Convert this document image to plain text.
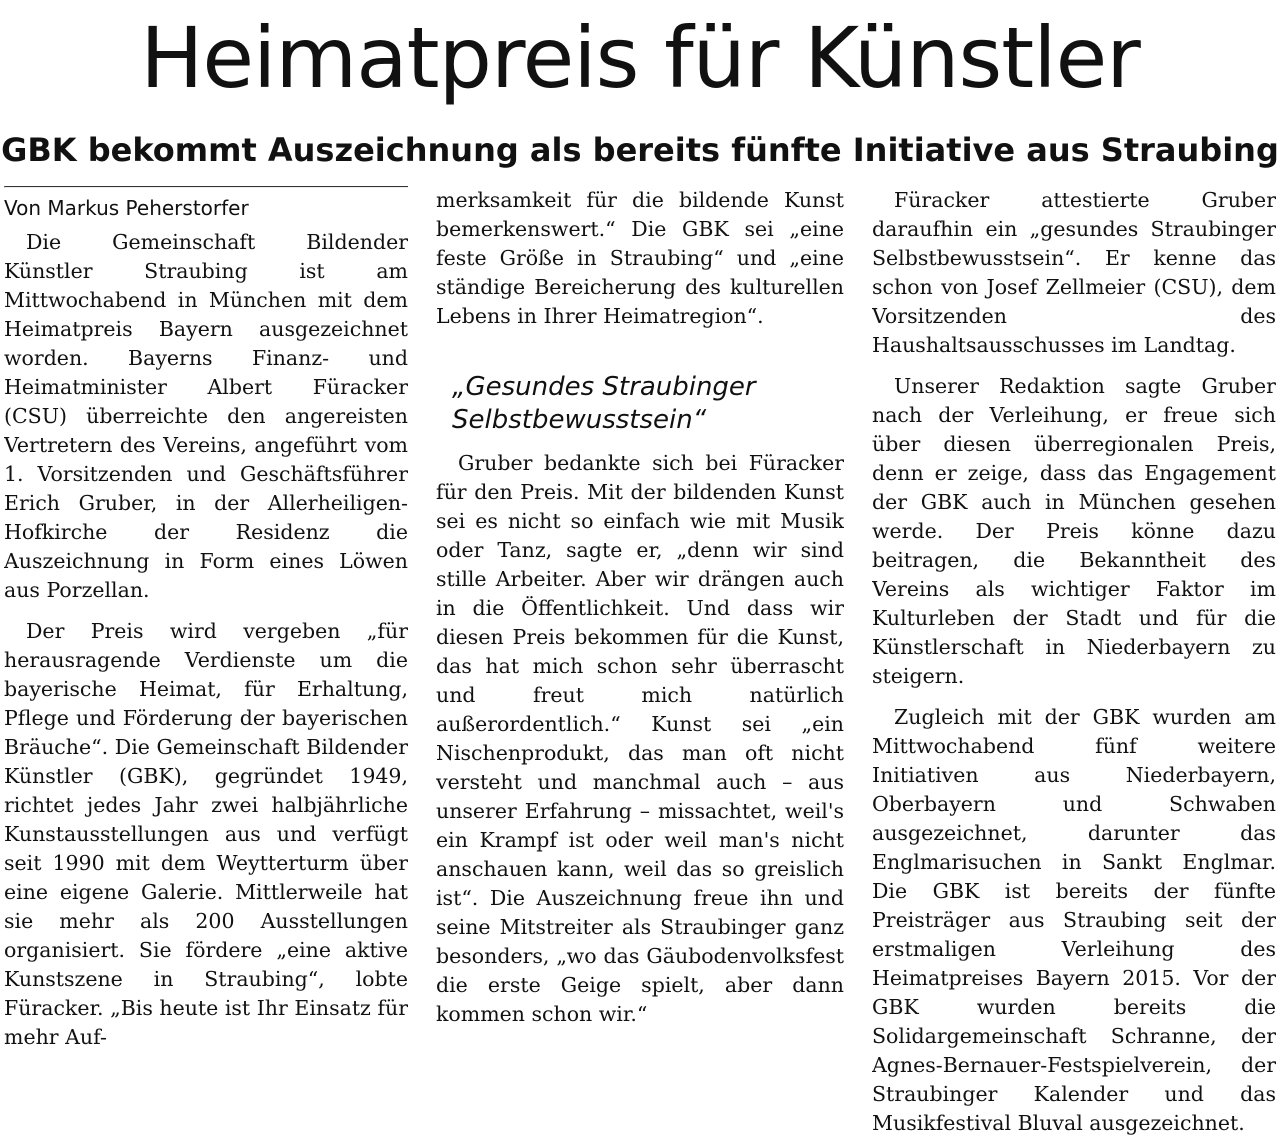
Heimatpreis für Künstler
GBK bekommt Auszeichnung als bereits fünfte Initiative aus Straubing

Von Markus Peherstorfer

Die Gemeinschaft Bildender Künstler Straubing ist am Mittwochabend in München mit dem Heimatpreis Bayern ausgezeichnet worden. Bayerns Finanz- und Heimatminister Albert Füracker (CSU) überreichte den angereisten Vertretern des Vereins, angeführt vom 1. Vorsitzenden und Geschäftsführer Erich Gruber, in der Allerheiligen-Hofkirche der Residenz die Auszeichnung in Form eines Löwen aus Porzellan.

Der Preis wird vergeben „für herausragende Verdienste um die bayerische Heimat, für Erhaltung, Pflege und Förderung der bayerischen Bräuche“. Die Gemeinschaft Bildender Künstler (GBK), gegründet 1949, richtet jedes Jahr zwei halbjährliche Kunstausstellungen aus und verfügt seit 1990 mit dem Weytterturm über eine eigene Galerie. Mittlerweile hat sie mehr als 200 Ausstellungen organisiert. Sie fördere „eine aktive Kunstszene in Straubing“, lobte Füracker. „Bis heute ist Ihr Einsatz für mehr Auf-

merksamkeit für die bildende Kunst bemerkenswert.“ Die GBK sei „eine feste Größe in Straubing“ und „eine ständige Bereicherung des kulturellen Lebens in Ihrer Heimatregion“.

„Gesundes Straubinger Selbstbewusstsein“

Gruber bedankte sich bei Füracker für den Preis. Mit der bildenden Kunst sei es nicht so einfach wie mit Musik oder Tanz, sagte er, „denn wir sind stille Arbeiter. Aber wir drängen auch in die Öffentlichkeit. Und dass wir diesen Preis bekommen für die Kunst, das hat mich schon sehr überrascht und freut mich natürlich außerordentlich.“ Kunst sei „ein Nischenprodukt, das man oft nicht versteht und manchmal auch – aus unserer Erfahrung – missachtet, weil's ein Krampf ist oder weil man's nicht anschauen kann, weil das so greislich ist“. Die Auszeichnung freue ihn und seine Mitstreiter als Straubinger ganz besonders, „wo das Gäubodenvolksfest die erste Geige spielt, aber dann kommen schon wir.“

Füracker attestierte Gruber daraufhin ein „gesundes Straubinger Selbstbewusstsein“. Er kenne das schon von Josef Zellmeier (CSU), dem Vorsitzenden des Haushaltsausschusses im Landtag.

Unserer Redaktion sagte Gruber nach der Verleihung, er freue sich über diesen überregionalen Preis, denn er zeige, dass das Engagement der GBK auch in München gesehen werde. Der Preis könne dazu beitragen, die Bekanntheit des Vereins als wichtiger Faktor im Kulturleben der Stadt und für die Künstlerschaft in Niederbayern zu steigern.

Zugleich mit der GBK wurden am Mittwochabend fünf weitere Initiativen aus Niederbayern, Oberbayern und Schwaben ausgezeichnet, darunter das Englmarisuchen in Sankt Englmar. Die GBK ist bereits der fünfte Preisträger aus Straubing seit der erstmaligen Verleihung des Heimatpreises Bayern 2015. Vor der GBK wurden bereits die Solidargemeinschaft Schranne, der Agnes-Bernauer-Festspielverein, der Straubinger Kalender und das Musikfestival Bluval ausgezeichnet.
